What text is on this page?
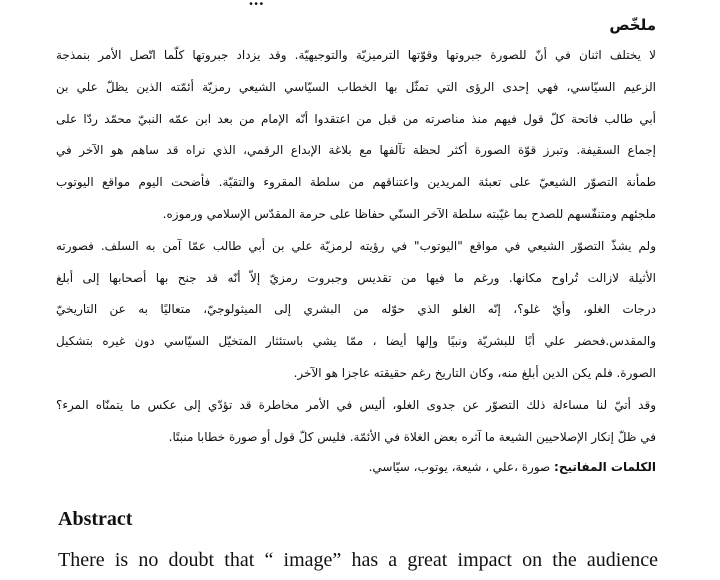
...
ملخّص
لا يختلف اثنان في أنّ للصورة جبروتها وقوّتها الترميزيّة والتوجيهيّة. وقد يزداد جبروتها كلّما اتّصل الأمر بنمذجة
الزعيم السيّاسي، فهي إحدى الرؤى التي تمثّل بها الخطاب السيّاسي الشيعي رمزيّة أئمّته الذين يظلّ علي بن
أبي طالب فاتحة كلّ قول فيهم منذ مناصرته من قبل من اعتقدوا أنّه الإمام من بعد ابن عمّه النبيّ محمّد ردّا على
إجماع السقيفة. وتبرز قوّة الصورة أكثر لحظة تآلفها مع بلاغة الإبداع الرقمي، الذي نراه قد ساهم هو الآخر في
طمأنة التصوّر الشيعيّ على تعبئة المريدين واعتناقهم من سلطة المقروء والتقيّة. فأضحت اليوم مواقع اليوتوب
ملجئهم ومتنفّسهم للصدح بما غيّبته سلطة الآخر السنّي حفاظا على حرمة المقدّس الإسلامي ورموزه.
ولم يشذّ التصوّر الشيعي في مواقع "اليوتوب" في رؤيته لرمزيّة علي بن أبي طالب عمّا آمن به السلف. فصورته
الأثيلة لازالت تُراوح مكانها. ورغم ما فيها من تقديس وجبروت رمزيّ إلاّ أنّه قد جنح بها أصحابها إلى أبلغ
درجات الغلو، وأيّ غلو؟، إنّه الغلو الذي حوّله من البشري إلى الميثولوجيّ، متعاليًا به عن التاريخيّ
والمقدس.فحضر علي أبًا للبشريّة ونبيًا وإلها أيضا ، ممّا يشي باستئثار المتخيّل السيّاسي دون غيره بتشكيل
الصورة. فلم يكن الدين أبلغ منه، وكان التاريخ رغم حقيقته عاجزا هو الآخر.
وقد أتيّ لنا مساءلة ذلك التصوّر عن جدوى الغلو، أليس في الأمر مخاطرة قد تؤدّي إلى عكس ما يتمنّاه المرء؟
في ظلّ إنكار الإصلاحيين الشيعة ما آثره بعض الغلاة في الأئمّة. فليس كلّ قول أو صورة خطابا منبتًا.
الكلمات المفاتيح: صورة ،علي ، شيعة، يوتوب، سيّاسي.
Abstract
There is no doubt that “ image” has a great impact on the audience
